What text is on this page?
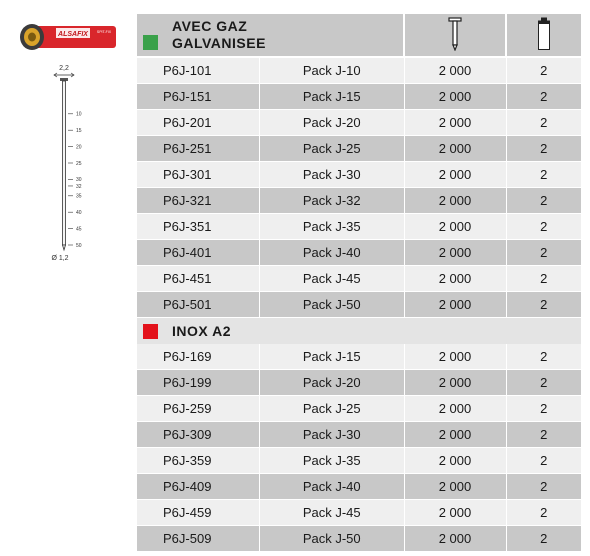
ALSAFIX	SPIT-FIX
2,2
10
15
20
25
30
32
35
40
45
50
Ø 1,2
AVEC GAZ
GALVANISEE

P6J-101	Pack J-10	2 000	2
P6J-151	Pack J-15	2 000	2
P6J-201	Pack J-20	2 000	2
P6J-251	Pack J-25	2 000	2
P6J-301	Pack J-30	2 000	2
P6J-321	Pack J-32	2 000	2
P6J-351	Pack J-35	2 000	2
P6J-401	Pack J-40	2 000	2
P6J-451	Pack J-45	2 000	2
P6J-501	Pack J-50	2 000	2

INOX A2			

P6J-169	Pack J-15	2 000	2
P6J-199	Pack J-20	2 000	2
P6J-259	Pack J-25	2 000	2
P6J-309	Pack J-30	2 000	2
P6J-359	Pack J-35	2 000	2
P6J-409	Pack J-40	2 000	2
P6J-459	Pack J-45	2 000	2
P6J-509	Pack J-50	2 000	2
